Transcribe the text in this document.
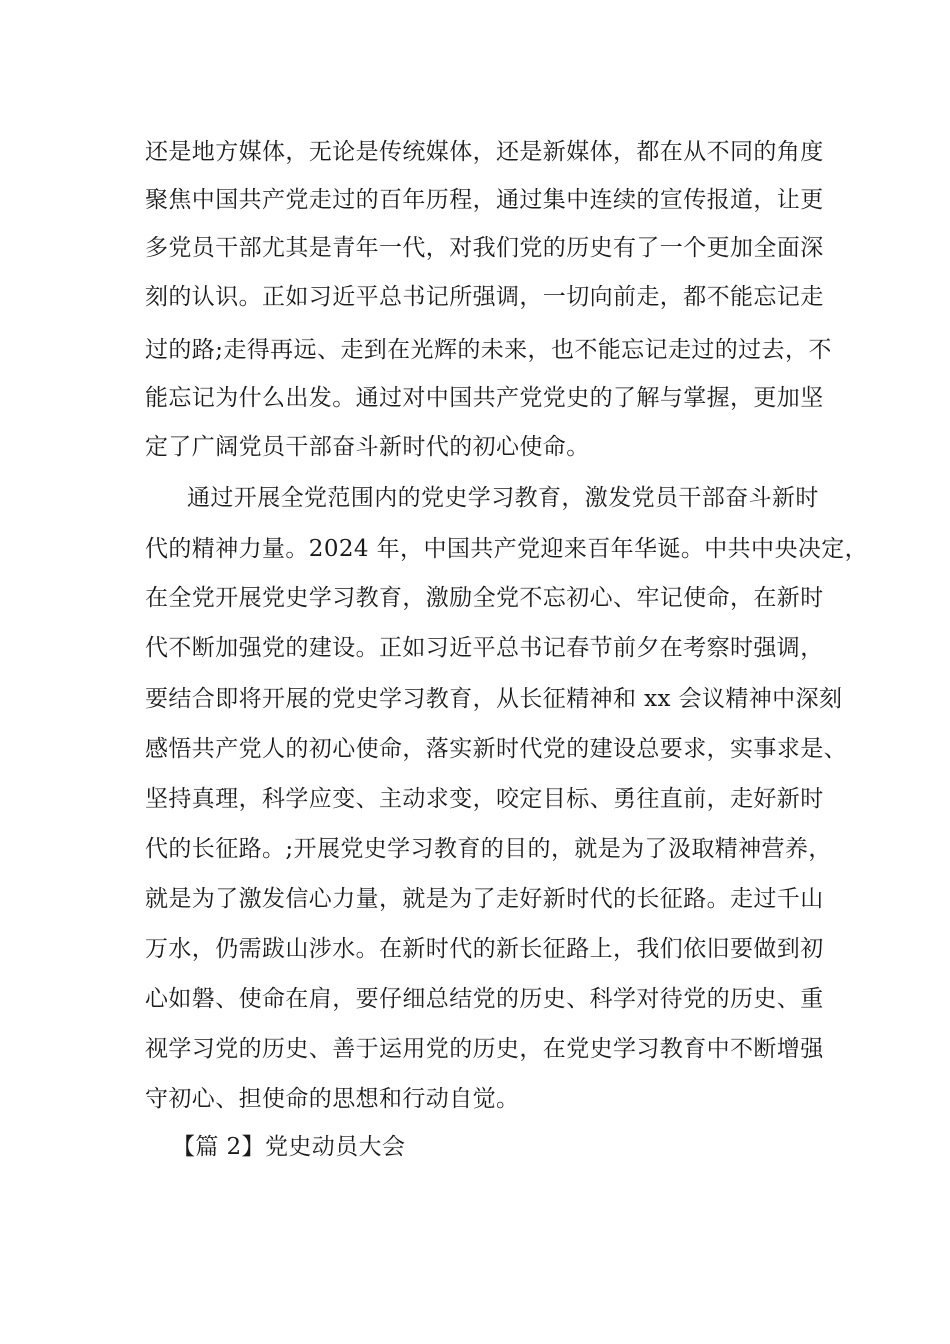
还是地方媒体，无论是传统媒体，还是新媒体，都在从不同的角度

聚焦中国共产党走过的百年历程，通过集中连续的宣传报道，让更

多党员干部尤其是青年一代，对我们党的历史有了一个更加全面深

刻的认识。正如习近平总书记所强调，一切向前走，都不能忘记走

过的路;走得再远、走到在光辉的未来，也不能忘记走过的过去，不

能忘记为什么出发。通过对中国共产党党史的了解与掌握，更加坚

定了广阔党员干部奋斗新时代的初心使命。

通过开展全党范围内的党史学习教育，激发党员干部奋斗新时

代的精神力量。2024 年，中国共产党迎来百年华诞。中共中央决定，

在全党开展党史学习教育，激励全党不忘初心、牢记使命，在新时

代不断加强党的建设。正如习近平总书记春节前夕在考察时强调，

要结合即将开展的党史学习教育，从长征精神和 xx 会议精神中深刻

感悟共产党人的初心使命，落实新时代党的建设总要求，实事求是、

坚持真理，科学应变、主动求变，咬定目标、勇往直前，走好新时

代的长征路。;开展党史学习教育的目的，就是为了汲取精神营养，

就是为了激发信心力量，就是为了走好新时代的长征路。走过千山

万水，仍需跋山涉水。在新时代的新长征路上，我们依旧要做到初

心如磐、使命在肩，要仔细总结党的历史、科学对待党的历史、重

视学习党的历史、善于运用党的历史，在党史学习教育中不断增强

守初心、担使命的思想和行动自觉。

【篇 2】党史动员大会
